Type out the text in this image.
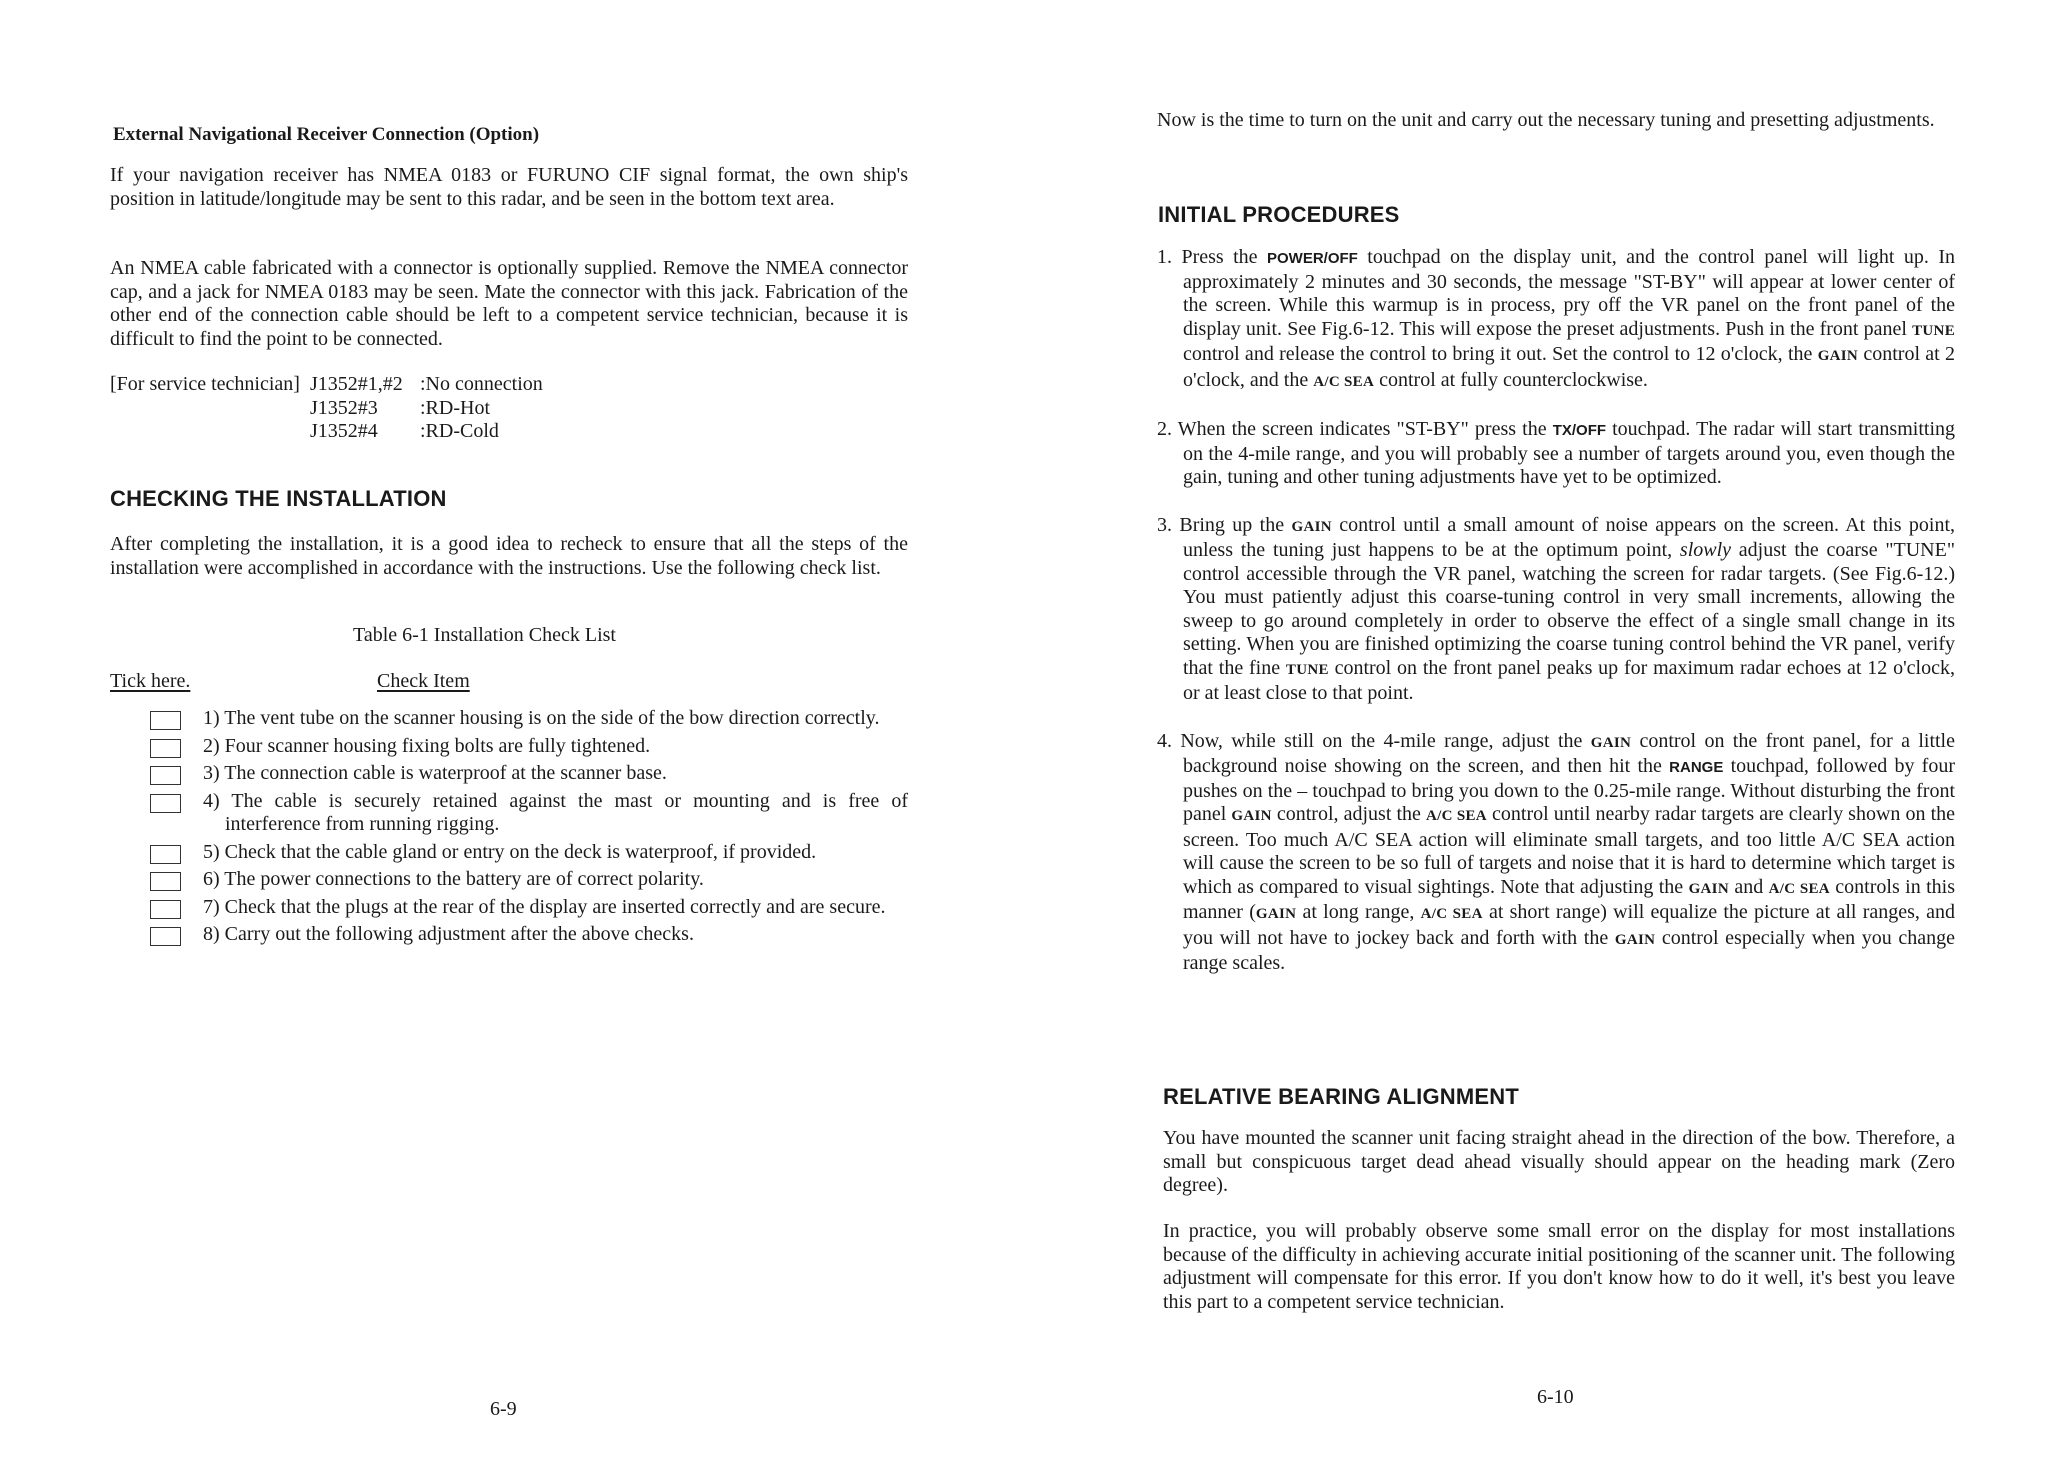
External Navigational Receiver Connection (Option)

If your navigation receiver has NMEA 0183 or FURUNO CIF signal format, the own ship's position in latitude/longitude may be sent to this radar, and be seen in the bottom text area.

An NMEA cable fabricated with a connector is optionally supplied. Remove the NMEA connector cap, and a jack for NMEA 0183 may be seen. Mate the connector with this jack. Fabrication of the other end of the connection cable should be left to a competent service technician, because it is difficult to find the point to be connected.

[For service technician] J1352#1,#2 :No connection
J1352#3	:RD-Hot
J1352#4	:RD-Cold
CHECKING THE INSTALLATION

After completing the installation, it is a good idea to recheck to ensure that all the steps of the installation were accomplished in accordance with the instructions. Use the following check list.

Table 6-1 Installation Check List
Tick here.	Check Item
1) The vent tube on the scanner housing is on the side of the bow direction correctly.
2) Four scanner housing fixing bolts are fully tightened.
3) The connection cable is waterproof at the scanner base.
4) The cable is securely retained against the mast or mounting and is free of interference from running rigging.
5) Check that the cable gland or entry on the deck is waterproof, if provided.
6) The power connections to the battery are of correct polarity.
7) Check that the plugs at the rear of the display are inserted correctly and are secure.
8) Carry out the following adjustment after the above checks.
6-9

Now is the time to turn on the unit and carry out the necessary tuning and presetting adjustments.

INITIAL PROCEDURES

1. Press the POWER/OFF touchpad on the display unit, and the control panel will light up. In approximately 2 minutes and 30 seconds, the message "ST-BY" will appear at lower center of the screen. While this warmup is in process, pry off the VR panel on the front panel of the display unit. See Fig.6-12. This will expose the preset adjustments. Push in the front panel TUNE control and release the control to bring it out. Set the control to 12 o'clock, the GAIN control at 2 o'clock, and the A/C SEA control at fully counterclockwise.

2. When the screen indicates "ST-BY" press the TX/OFF touchpad. The radar will start transmitting on the 4-mile range, and you will probably see a number of targets around you, even though the gain, tuning and other tuning adjustments have yet to be optimized.

3. Bring up the GAIN control until a small amount of noise appears on the screen. At this point, unless the tuning just happens to be at the optimum point, slowly adjust the coarse "TUNE" control accessible through the VR panel, watching the screen for radar targets. (See Fig.6-12.) You must patiently adjust this coarse-tuning control in very small increments, allowing the sweep to go around completely in order to observe the effect of a single small change in its setting. When you are finished optimizing the coarse tuning control behind the VR panel, verify that the fine TUNE control on the front panel peaks up for maximum radar echoes at 12 o'clock, or at least close to that point.

4. Now, while still on the 4-mile range, adjust the GAIN control on the front panel, for a little background noise showing on the screen, and then hit the RANGE touchpad, followed by four pushes on the – touchpad to bring you down to the 0.25-mile range. Without disturbing the front panel GAIN control, adjust the A/C SEA control until nearby radar targets are clearly shown on the screen. Too much A/C SEA action will eliminate small targets, and too little A/C SEA action will cause the screen to be so full of targets and noise that it is hard to determine which target is which as compared to visual sightings. Note that adjusting the GAIN and A/C SEA controls in this manner (GAIN at long range, A/C SEA at short range) will equalize the picture at all ranges, and you will not have to jockey back and forth with the GAIN control especially when you change range scales.

RELATIVE BEARING ALIGNMENT

You have mounted the scanner unit facing straight ahead in the direction of the bow. Therefore, a small but conspicuous target dead ahead visually should appear on the heading mark (Zero degree).

In practice, you will probably observe some small error on the display for most installations because of the difficulty in achieving accurate initial positioning of the scanner unit. The following adjustment will compensate for this error. If you don't know how to do it well, it's best you leave this part to a competent service technician.

6-10
